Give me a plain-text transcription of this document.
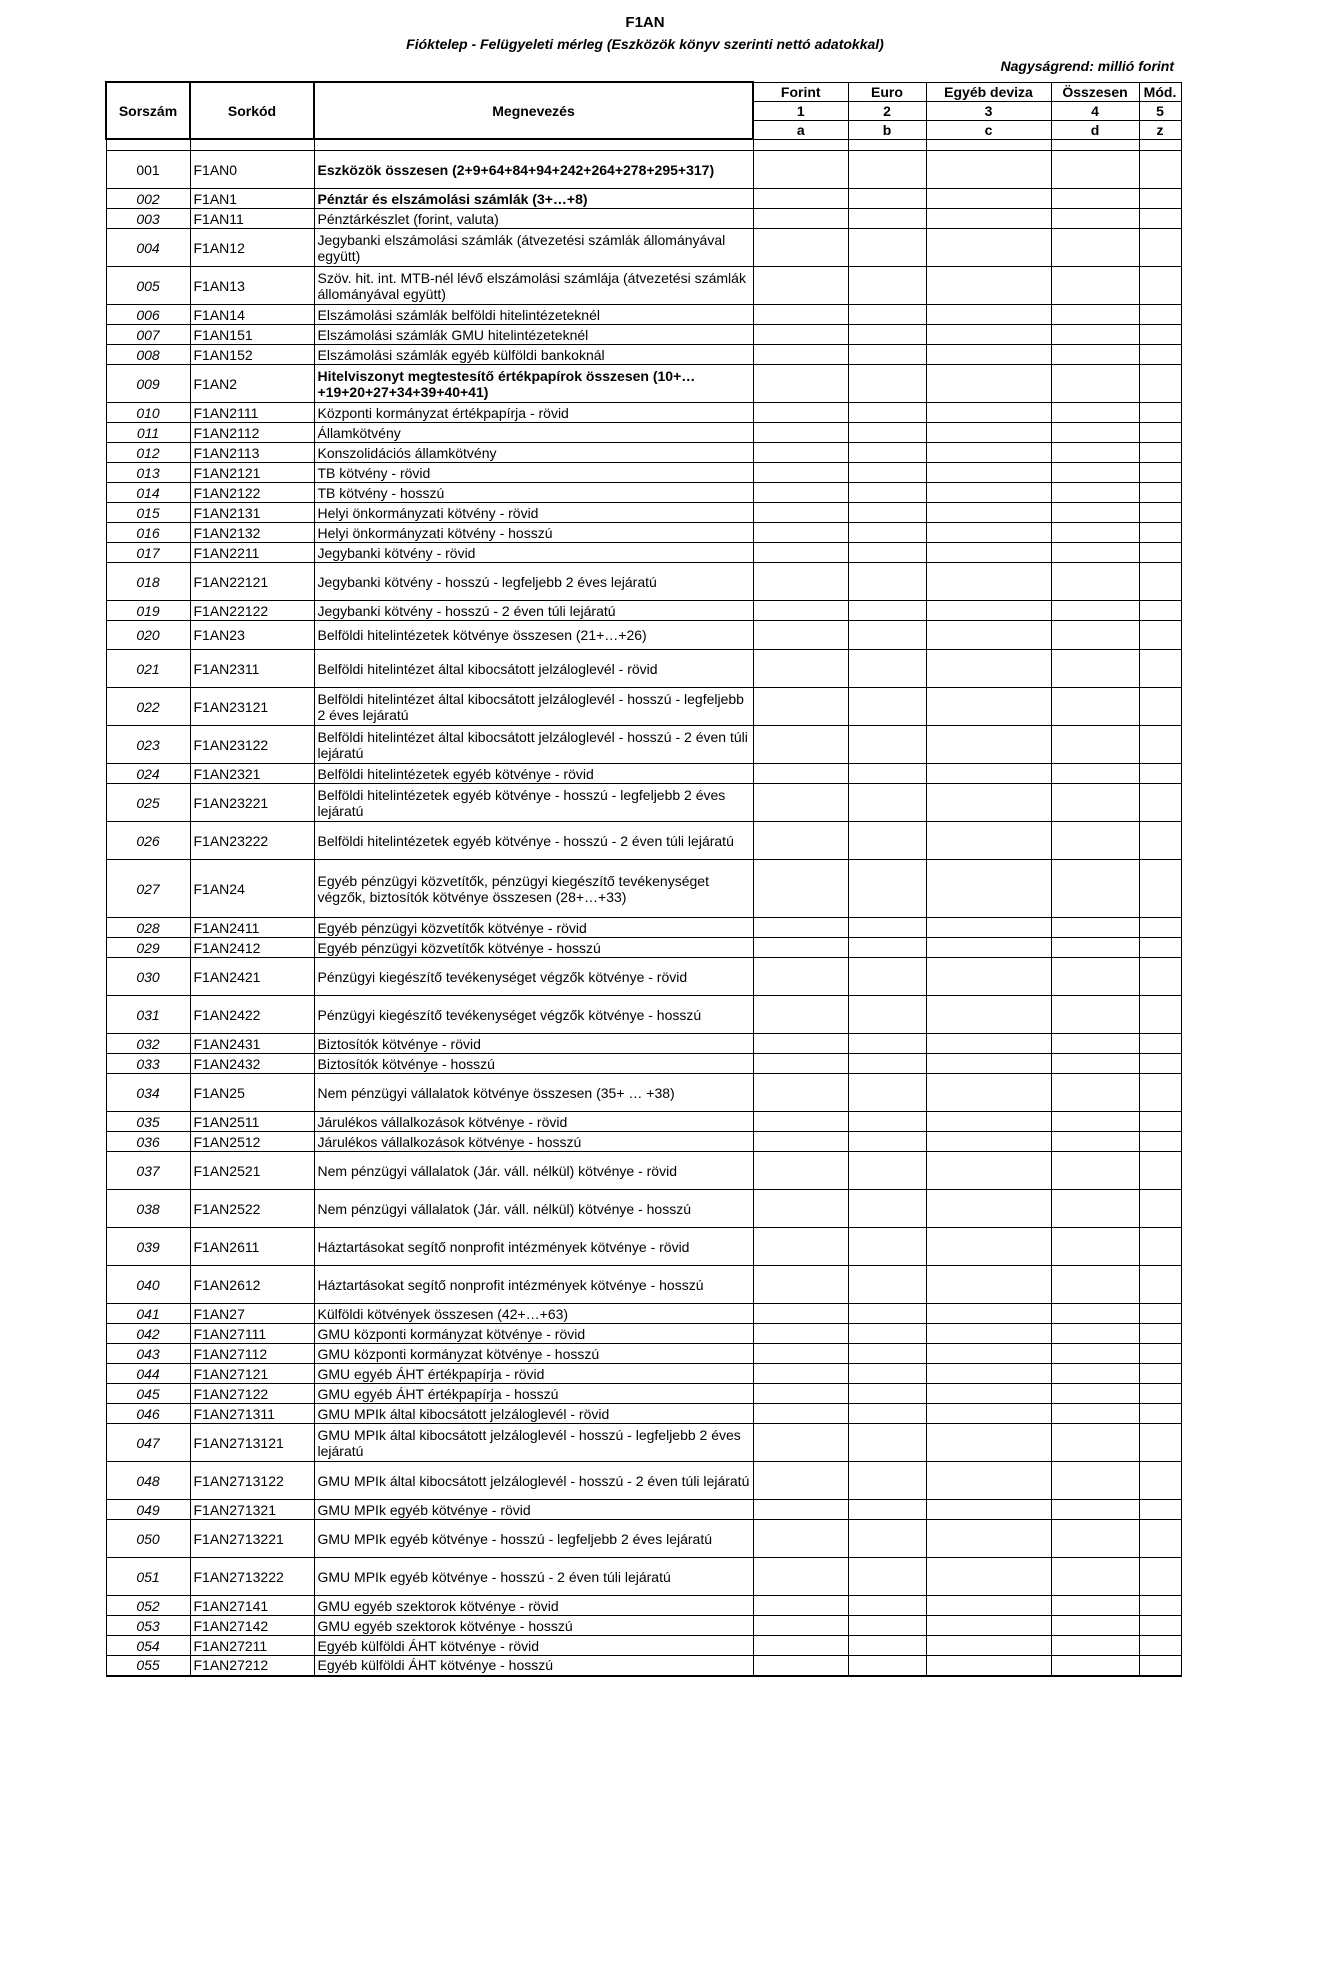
F1AN
Fióktelep - Felügyeleti mérleg (Eszközök könyv szerinti nettó adatokkal)
Nagyságrend: millió forint
Sorszám	Sorkód	Megnevezés	Forint	Euro	Egyéb deviza	Összesen	Mód.
			1	2	3	4	5
			a	b	c	d	z

001	F1AN0	Eszközök összesen (2+9+64+84+94+242+264+278+295+317)					
002	F1AN1	Pénztár és elszámolási számlák (3+…+8)					
003	F1AN11	Pénztárkészlet (forint, valuta)					
004	F1AN12	Jegybanki elszámolási számlák (átvezetési számlák állományával együtt)					
005	F1AN13	Szöv. hit. int. MTB-nél lévő elszámolási számlája (átvezetési számlák állományával együtt)					
006	F1AN14	Elszámolási számlák belföldi hitelintézeteknél					
007	F1AN151	Elszámolási számlák GMU hitelintézeteknél					
008	F1AN152	Elszámolási számlák egyéb külföldi bankoknál					
009	F1AN2	Hitelviszonyt megtestesítő értékpapírok összesen (10+…+19+20+27+34+39+40+41)					
010	F1AN2111	Központi kormányzat értékpapírja - rövid					
011	F1AN2112	Államkötvény					
012	F1AN2113	Konszolidációs államkötvény					
013	F1AN2121	TB kötvény - rövid					
014	F1AN2122	TB kötvény - hosszú					
015	F1AN2131	Helyi önkormányzati kötvény - rövid					
016	F1AN2132	Helyi önkormányzati kötvény - hosszú					
017	F1AN2211	Jegybanki kötvény - rövid					
018	F1AN22121	Jegybanki kötvény - hosszú - legfeljebb 2 éves lejáratú					
019	F1AN22122	Jegybanki kötvény - hosszú - 2 éven túli lejáratú					
020	F1AN23	Belföldi hitelintézetek kötvénye összesen (21+…+26)					
021	F1AN2311	Belföldi hitelintézet által kibocsátott jelzáloglevél - rövid					
022	F1AN23121	Belföldi hitelintézet által kibocsátott jelzáloglevél - hosszú - legfeljebb 2 éves lejáratú					
023	F1AN23122	Belföldi hitelintézet által kibocsátott jelzáloglevél - hosszú - 2 éven túli lejáratú					
024	F1AN2321	Belföldi hitelintézetek egyéb kötvénye - rövid					
025	F1AN23221	Belföldi hitelintézetek egyéb kötvénye - hosszú - legfeljebb 2 éves lejáratú					
026	F1AN23222	Belföldi hitelintézetek egyéb kötvénye - hosszú - 2 éven túli lejáratú					
027	F1AN24	Egyéb pénzügyi közvetítők, pénzügyi kiegészítő tevékenységet végzők, biztosítók kötvénye összesen (28+…+33)					
028	F1AN2411	Egyéb pénzügyi közvetítők kötvénye - rövid					
029	F1AN2412	Egyéb pénzügyi közvetítők kötvénye - hosszú					
030	F1AN2421	Pénzügyi kiegészítő tevékenységet végzők kötvénye - rövid					
031	F1AN2422	Pénzügyi kiegészítő tevékenységet végzők kötvénye - hosszú					
032	F1AN2431	Biztosítók kötvénye - rövid					
033	F1AN2432	Biztosítók kötvénye - hosszú					
034	F1AN25	Nem pénzügyi vállalatok kötvénye összesen (35+ … +38)					
035	F1AN2511	Járulékos vállalkozások kötvénye - rövid					
036	F1AN2512	Járulékos vállalkozások kötvénye - hosszú					
037	F1AN2521	Nem pénzügyi vállalatok (Jár. váll. nélkül) kötvénye - rövid					
038	F1AN2522	Nem pénzügyi vállalatok (Jár. váll. nélkül) kötvénye - hosszú					
039	F1AN2611	Háztartásokat segítő nonprofit intézmények kötvénye - rövid					
040	F1AN2612	Háztartásokat segítő nonprofit intézmények kötvénye - hosszú					
041	F1AN27	Külföldi kötvények összesen (42+…+63)					
042	F1AN27111	GMU központi kormányzat kötvénye - rövid					
043	F1AN27112	GMU központi kormányzat kötvénye - hosszú					
044	F1AN27121	GMU egyéb ÁHT értékpapírja - rövid					
045	F1AN27122	GMU egyéb ÁHT értékpapírja - hosszú					
046	F1AN271311	GMU MPIk által kibocsátott jelzáloglevél - rövid					
047	F1AN2713121	GMU MPIk által kibocsátott jelzáloglevél - hosszú - legfeljebb 2 éves lejáratú					
048	F1AN2713122	GMU MPIk által kibocsátott jelzáloglevél - hosszú - 2 éven túli lejáratú					
049	F1AN271321	GMU MPIk egyéb kötvénye - rövid					
050	F1AN2713221	GMU MPIk egyéb kötvénye - hosszú - legfeljebb 2 éves lejáratú					
051	F1AN2713222	GMU MPIk egyéb kötvénye - hosszú - 2 éven túli lejáratú					
052	F1AN27141	GMU egyéb szektorok kötvénye - rövid					
053	F1AN27142	GMU egyéb szektorok kötvénye - hosszú					
054	F1AN27211	Egyéb külföldi ÁHT kötvénye - rövid					
055	F1AN27212	Egyéb külföldi ÁHT kötvénye - hosszú					
